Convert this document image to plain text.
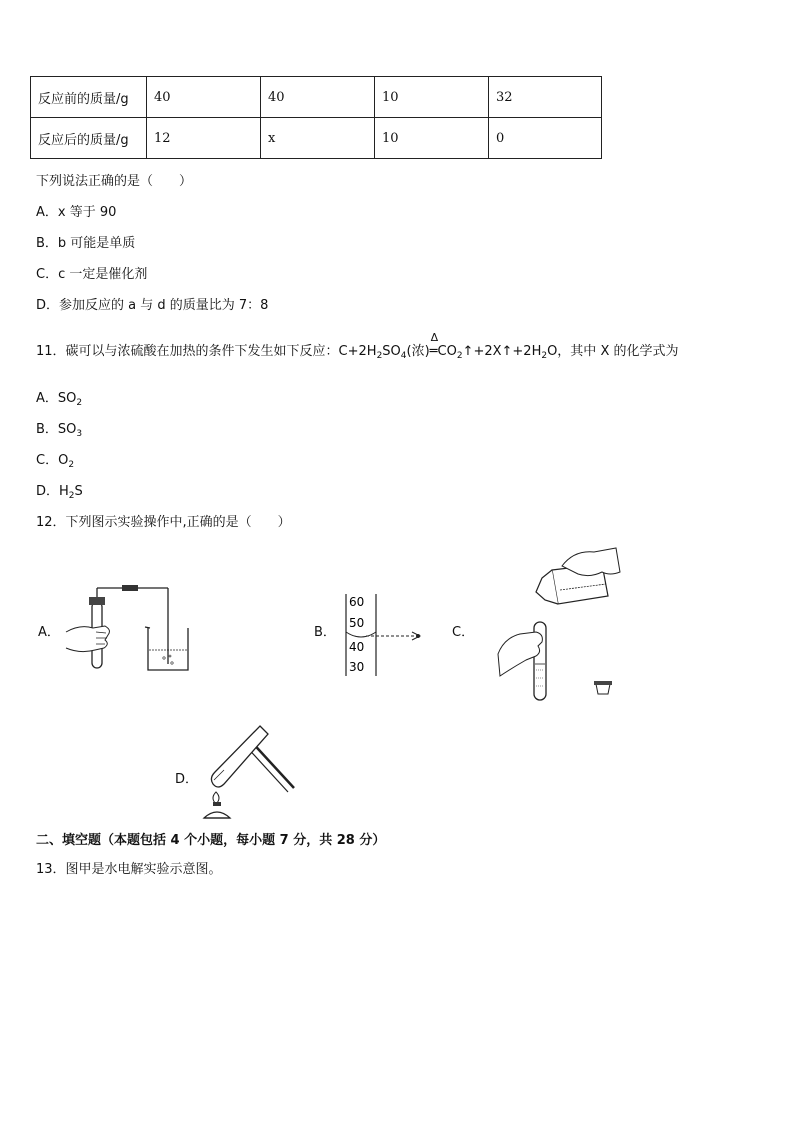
反应前的质量/g	40	40	10	32
反应后的质量/g	12	x	10	0
下列说法正确的是（　　）
A．x 等于 90
B．b 可能是单质
C．c 一定是催化剂
D．参加反应的 a 与 d 的质量比为 7：8
11．碳可以与浓硫酸在加热的条件下发生如下反应：$C+2H_2SO_4$(浓)
Δ
$═CO_2↑+2X↑+2H_2O$，其中 X 的化学式为
A．$SO_2$
B．$SO_3$
C．$O_2$
D．$H_2S$
12．下列图示实验操作中,正确的是（　　）
A．	B．
60
50
40
30
C．
D．
二、填空题（本题包括 4 个小题，每小题 7 分，共 28 分）
13．图甲是水电解实验示意图。
